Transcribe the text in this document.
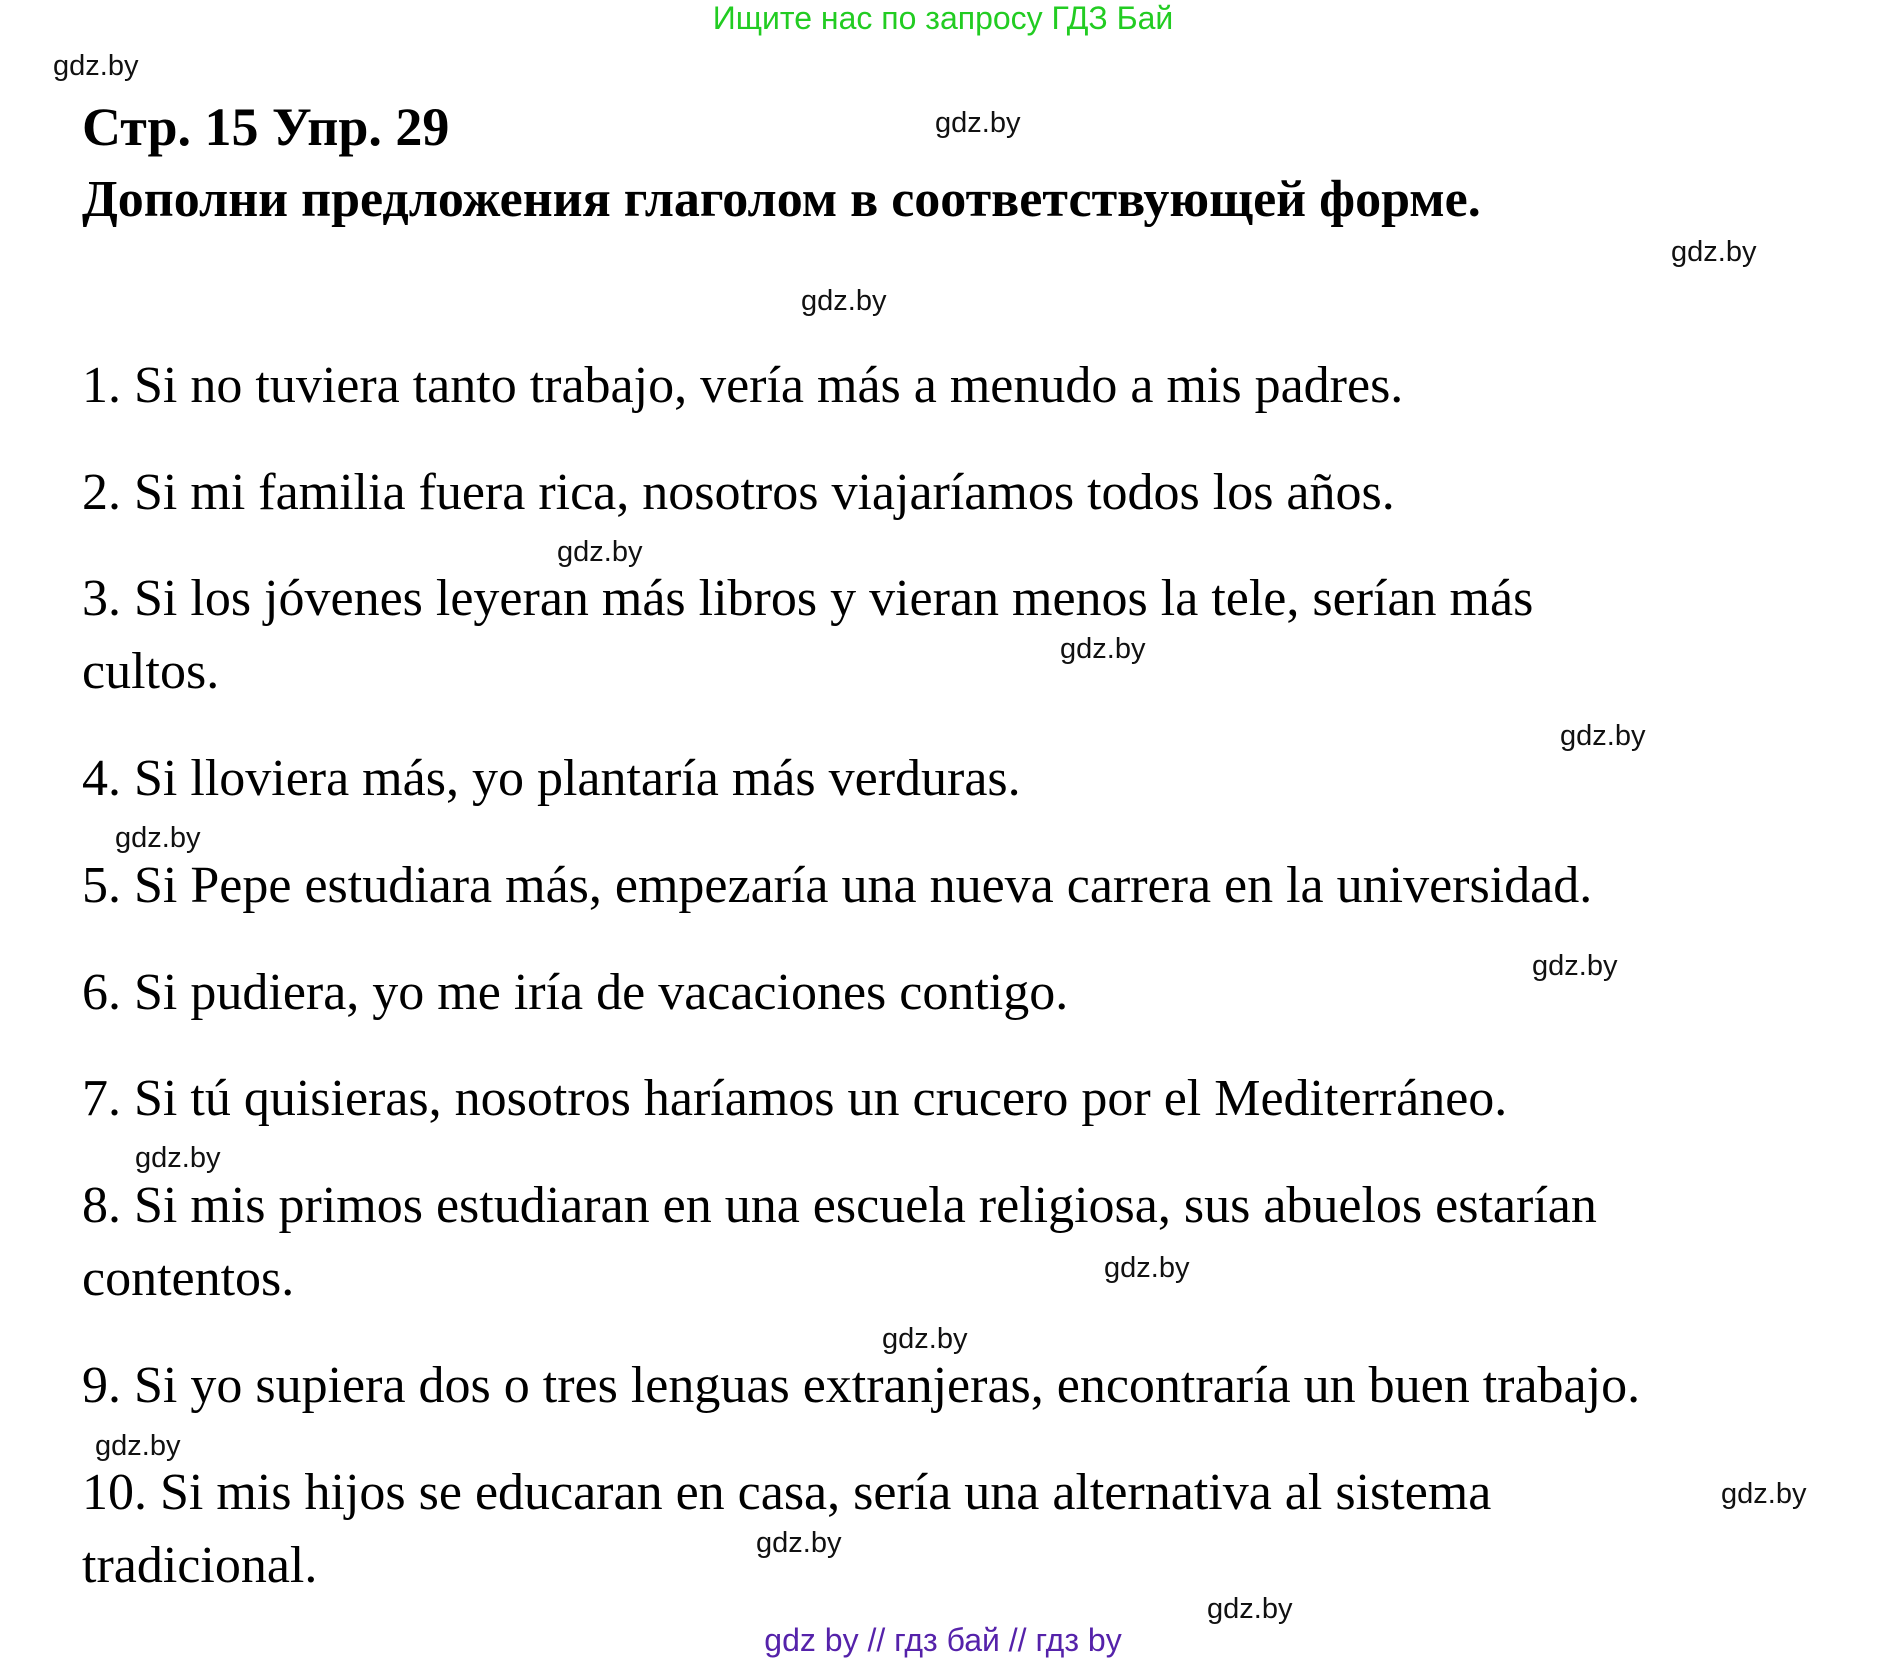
Ищите нас по запросу ГДЗ Бай
gdz.by
gdz.by
gdz.by
gdz.by
gdz.by
gdz.by
gdz.by
gdz.by
gdz.by
gdz.by
gdz.by
gdz.by
gdz.by
gdz.by
gdz.by
gdz.by
Стр. 15 Упр. 29
Дополни предложения глаголом в соответствующей форме.
1. Si no tuviera tanto trabajo, vería más a menudo a mis padres.
2. Si mi familia fuera rica, nosotros viajaríamos todos los años.
3. Si los jóvenes leyeran más libros y vieran menos la tele, serían más
cultos.
4. Si lloviera más, yo plantaría más verduras.
5. Si Pepe estudiara más, empezaría una nueva carrera en la universidad.
6. Si pudiera, yo me iría de vacaciones contigo.
7. Si tú quisieras, nosotros haríamos un crucero por el Mediterráneo.
8. Si mis primos estudiaran en una escuela religiosa, sus abuelos estarían
contentos.
9. Si yo supiera dos o tres lenguas extranjeras, encontraría un buen trabajo.
10. Si mis hijos se educaran en casa, sería una alternativa al sistema
tradicional.
gdz by // гдз бай // гдз by
